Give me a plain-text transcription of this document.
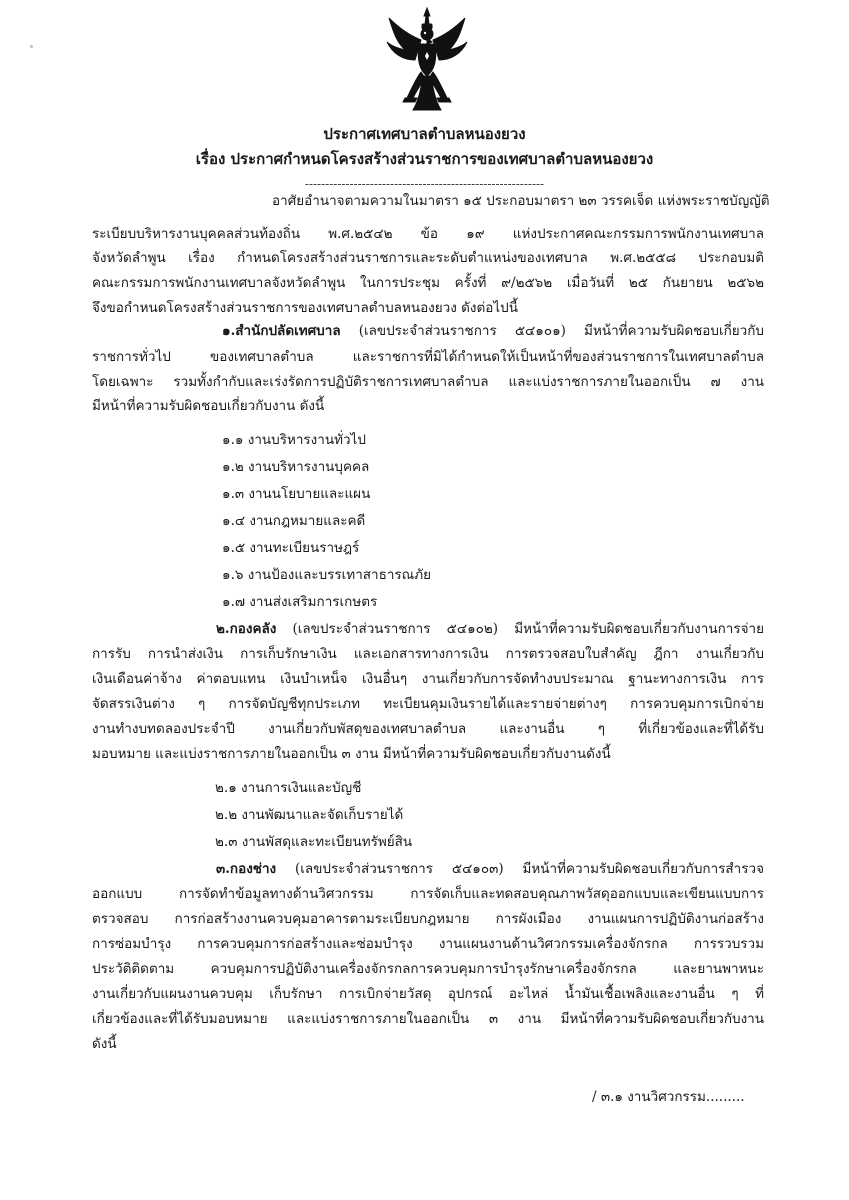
ประกาศเทศบาลตำบลหนองยวง
เรื่อง ประกาศกำหนดโครงสร้างส่วนราชการของเทศบาลตำบลหนองยวง
-----------------------------------------------------------
อาศัยอำนาจตามความในมาตรา ๑๕ ประกอบมาตรา ๒๓ วรรคเจ็ด แห่งพระราชบัญญัติ
ระเบียบบริหารงานบุคคลส่วนท้องถิ่น พ.ศ.๒๕๔๒ ข้อ ๑๙ แห่งประกาศคณะกรรมการพนักงานเทศบาล
จังหวัดลำพูน เรื่อง กำหนดโครงสร้างส่วนราชการและระดับตำแหน่งของเทศบาล พ.ศ.๒๕๕๘ ประกอบมติ
คณะกรรมการพนักงานเทศบาลจังหวัดลำพูน ในการประชุม ครั้งที่ ๙/๒๕๖๒ เมื่อวันที่ ๒๕ กันยายน ๒๕๖๒
จึงขอกำหนดโครงสร้างส่วนราชการของเทศบาลตำบลหนองยวง ดังต่อไปนี้
๑.สำนักปลัดเทศบาล (เลขประจำส่วนราชการ ๕๔๑๐๑) มีหน้าที่ความรับผิดชอบเกี่ยวกับ
ราชการทั่วไป ของเทศบาลตำบล และราชการที่มิได้กำหนดให้เป็นหน้าที่ของส่วนราชการในเทศบาลตำบล
โดยเฉพาะ รวมทั้งกำกับและเร่งรัดการปฏิบัติราชการเทศบาลตำบล และแบ่งราชการภายในออกเป็น ๗ งาน
มีหน้าที่ความรับผิดชอบเกี่ยวกับงาน ดังนี้
๑.๑ งานบริหารงานทั่วไป
๑.๒ งานบริหารงานบุคคล
๑.๓ งานนโยบายและแผน
๑.๔ งานกฎหมายและคดี
๑.๕ งานทะเบียนราษฎร์
๑.๖ งานป้องและบรรเทาสาธารณภัย
๑.๗ งานส่งเสริมการเกษตร
๒.กองคลัง (เลขประจำส่วนราชการ ๕๔๑๐๒) มีหน้าที่ความรับผิดชอบเกี่ยวกับงานการจ่าย
การรับ การนำส่งเงิน การเก็บรักษาเงิน และเอกสารทางการเงิน การตรวจสอบใบสำคัญ ฎีกา งานเกี่ยวกับ
เงินเดือนค่าจ้าง ค่าตอบแทน เงินบำเหน็จ เงินอื่นๆ งานเกี่ยวกับการจัดทำงบประมาณ ฐานะทางการเงิน การ
จัดสรรเงินต่าง ๆ การจัดบัญชีทุกประเภท ทะเบียนคุมเงินรายได้และรายจ่ายต่างๆ การควบคุมการเบิกจ่าย
งานทำงบทดลองประจำปี งานเกี่ยวกับพัสดุของเทศบาลตำบล และงานอื่น ๆ ที่เกี่ยวข้องและที่ได้รับ
มอบหมาย และแบ่งราชการภายในออกเป็น ๓ งาน มีหน้าที่ความรับผิดชอบเกี่ยวกับงานดังนี้
๒.๑ งานการเงินและบัญชี
๒.๒ งานพัฒนาและจัดเก็บรายได้
๒.๓ งานพัสดุและทะเบียนทรัพย์สิน
๓.กองช่าง (เลขประจำส่วนราชการ ๕๔๑๐๓) มีหน้าที่ความรับผิดชอบเกี่ยวกับการสำรวจ
ออกแบบ การจัดทำข้อมูลทางด้านวิศวกรรม การจัดเก็บและทดสอบคุณภาพวัสดุออกแบบและเขียนแบบการ
ตรวจสอบ การก่อสร้างงานควบคุมอาคารตามระเบียบกฎหมาย การผังเมือง งานแผนการปฏิบัติงานก่อสร้าง
การซ่อมบำรุง การควบคุมการก่อสร้างและซ่อมบำรุง งานแผนงานด้านวิศวกรรมเครื่องจักรกล การรวบรวม
ประวัติติดตาม ควบคุมการปฏิบัติงานเครื่องจักรกลการควบคุมการบำรุงรักษาเครื่องจักรกล และยานพาหนะ
งานเกี่ยวกับแผนงานควบคุม เก็บรักษา การเบิกจ่ายวัสดุ อุปกรณ์ อะไหล่ น้ำมันเชื้อเพลิงและงานอื่น ๆ ที่
เกี่ยวข้องและที่ได้รับมอบหมาย และแบ่งราชการภายในออกเป็น ๓ งาน มีหน้าที่ความรับผิดชอบเกี่ยวกับงาน
ดังนี้
/ ๓.๑ งานวิศวกรรม.........
